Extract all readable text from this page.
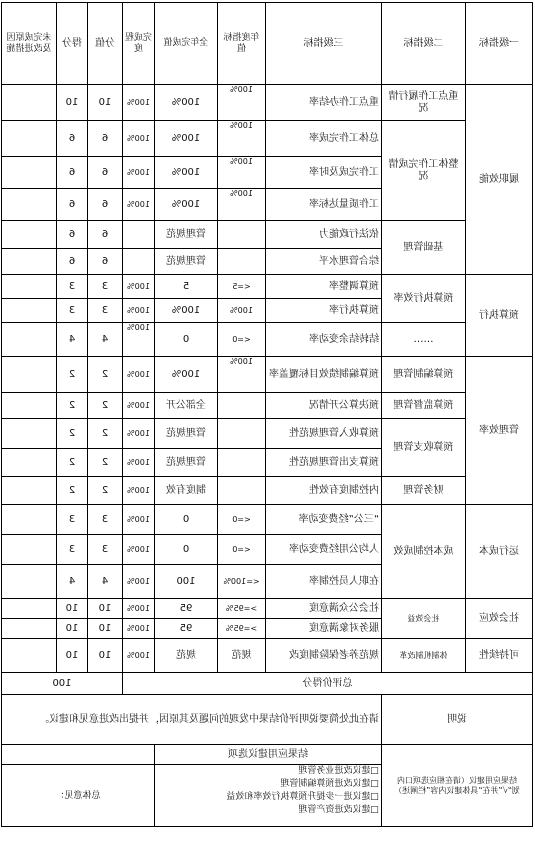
一级指标	二级指标	三级指标	年度指标值	全年完成值	完成程度	分值	得分	未完成原因及改进措施
履职效能	重点工作履行情况	重点工作办结率	100%	100%	100%	10	10	
	整体工作完成情况	总体工作完成率	100%	100%	100%	6	6	
		工作完成及时率	100%	100%	100%	6	6	
		工作质量达标率	100%	100%	100%	6	6	
	基础管理	依法行政能力		管理规范		6	6	
		综合管理水平		管理规范		6	6	
预算执行	预算执行效率	预算调整率	<=5	5	100%	3	3	
		预算执行率	100%	100%	100%	3	3	
	……	结转结余变动率	<=0	0	100%	4	4	
管理效率	预算编制管理	预算编制绩效目标覆盖率	100%	100%	100%	2	2	
	预算监督管理	预决算公开情况		全部公开	100%	2	2	
	预算收支管理	预算收入管理规范性		管理规范	100%	2	2	
		预算支出管理规范性		管理规范	100%	2	2	
	财务管理	内控制度有效性		制度有效	100%	2	2	
运行成本	成本控制成效	“三公”经费变动率	<=0	0	100%	3	3	
		人均公用经费变动率	<=0	0	100%	3	3	
		在职人员控制率	<=100%	100	100%	4	4	
社会效应	社会效益	社会公众满意度	>=95%	95	100%	10	10	
		服务对象满意度	>=95%	95	100%	10	10	
可持续性	体制机制改革	规范养老保险制度改	规范	规范	100%	10	10	
总评价得分						100		
说明		请在此处简要说明评价结果中发现的问题及其原因，并提出改进意见和建议。						
结果应用建议（请在相应选项口内划“√”并在“具体建议内容”栏阐述）		结果应用建议选项						

		□建议改进业务管理
□建议改进预算编制管理
□建议进一步提升预算执行效率和效益
□建议改进资产管理			总体意见：			
